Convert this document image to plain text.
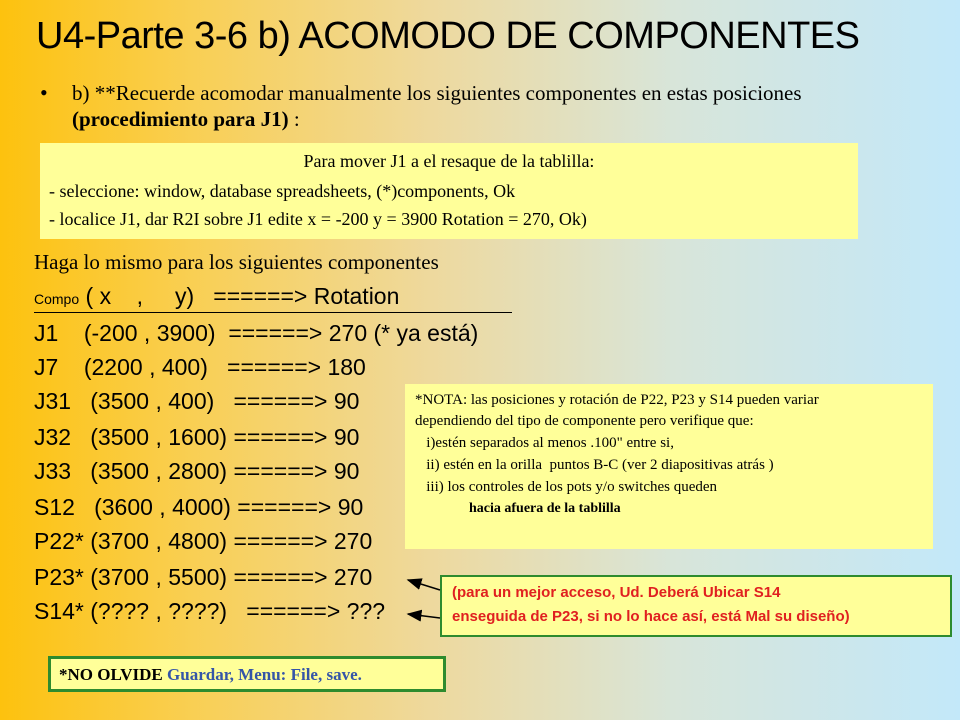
U4-Parte 3-6 b) ACOMODO DE COMPONENTES
• b) **Recuerde acomodar manualmente los siguientes componentes en estas posiciones (procedimiento para J1) :
Para mover J1 a el resaque de la tablilla:
- seleccione: window, database spreadsheets, (*)components, Ok
- localice J1, dar R2I sobre J1 edite x = -200 y = 3900 Rotation = 270, Ok)
Haga lo mismo para los siguientes componentes
Compo ( x    ,     y)   ======> Rotation
J1    (-200 , 3900)  ======> 270 (* ya está)
J7    (2200 , 400)   ======> 180
J31   (3500 , 400)   ======> 90
J32   (3500 , 1600) ======> 90
J33   (3500 , 2800) ======> 90
S12   (3600 , 4000) ======> 90
P22* (3700 , 4800) ======> 270
P23* (3700 , 5500) ======> 270
S14* (???? , ????)   ======> ???
*NOTA: las posiciones y rotación de P22, P23 y S14 pueden variar
dependiendo del tipo de componente pero verifique que:
i)estén separados al menos .100" entre si,
ii) estén en la orilla  puntos B-C (ver 2 diapositivas atrás )
iii) los controles de los pots y/o switches queden
hacia afuera de la tablilla
(para un mejor acceso, Ud. Deberá Ubicar S14
enseguida de P23, si no lo hace así, está Mal su diseño)
*NO OLVIDE Guardar, Menu: File, save.
